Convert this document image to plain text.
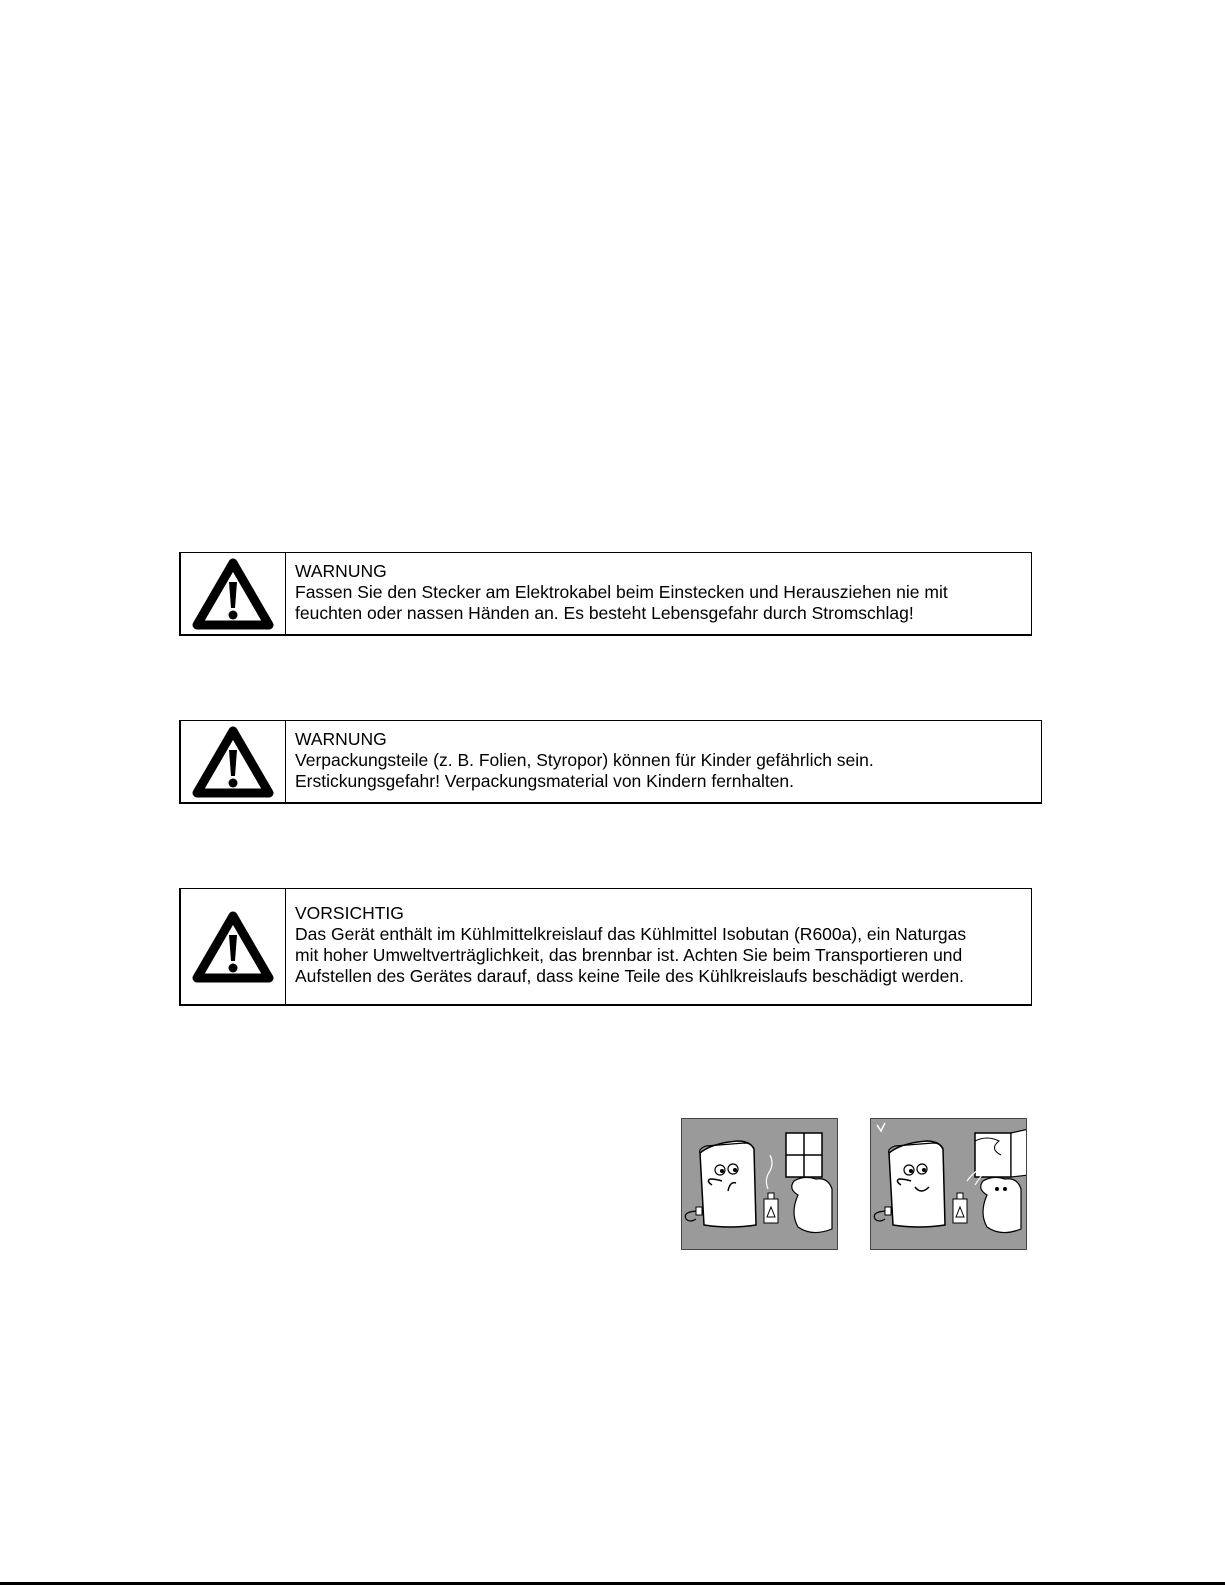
WARNUNG
Fassen Sie den Stecker am Elektrokabel beim Einstecken und Herausziehen nie mit
feuchten oder nassen Händen an. Es besteht Lebensgefahr durch Stromschlag!
WARNUNG
Verpackungsteile (z. B. Folien, Styropor) können für Kinder gefährlich sein.
Erstickungsgefahr! Verpackungsmaterial von Kindern fernhalten.
VORSICHTIG
Das Gerät enthält im Kühlmittelkreislauf das Kühlmittel Isobutan (R600a), ein Naturgas
mit hoher Umweltverträglichkeit, das brennbar ist. Achten Sie beim Transportieren und
Aufstellen des Gerätes darauf, dass keine Teile des Kühlkreislaufs beschädigt werden.
